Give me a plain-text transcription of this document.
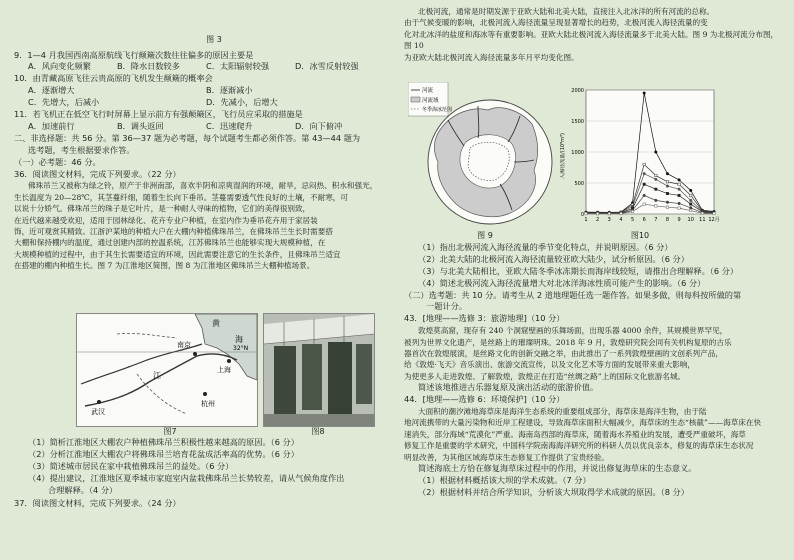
图 3

9．1—4 月我国西南高原航线飞行颠簸次数往往偏多的原因主要是

A．风向变化频繁	B．降水日数较多	C．太阳辐射较强	D．冰雪反射较强

10．由青藏高原飞往云贵高原的飞机发生颠簸的概率会

A．逐渐增大	B．逐渐减小
C．先增大，后减小	D．先减小，后增大

11．若飞机正在低空飞行时屏幕上显示前方有强颠簸区，飞行员应采取的措施是

A．加速前行	B．调头返回	C．迅速爬升	D．向下俯冲

二、非选择题：共 56 分。第 36—37 题为必考题，每个试题考生都必须作答。第 43—44 题为

选考题，考生根据要求作答。

（一）必考题：46 分。

36．阅读图文材料，完成下列要求。（22 分）

佛珠吊兰又被称为绿之铃，原产于非洲南部，喜欢半阴和凉爽湿润的环境，耐旱，忌闷热、积水和强光，

生长温度为 20—28℃，其茎蔓纤细，随着生长向下垂吊。茎蔓需要透气性良好的土壤，不耐寒，可

以说十分娇气。佛珠吊兰的珠子是它叶片，是一种耐人寻味的植物，它们的美得很别致，

在近代越来越受欢迎，适用于园林绿化、花卉专业户种植，在室内作为垂吊花卉用于家居装

饰，近可观赏其精致。江浙沪某地的种植大户在大棚内种植佛珠吊兰，在佛珠吊兰生长时需要搭

大棚和保持棚内的温度，通过创建内部的控温系统，江苏佛珠吊兰也能够实现大规模种植，在

大规模种植的过程中，由于其生长需要适宜的环境，因此需要注意它的生长条件，且佛珠吊兰适宜

在搭建的棚内种植生长。图 7 为江淮地区简图，图 8 为江淮地区佛珠吊兰大棚种植场景。

黄
海
南京
上海
武汉
杭州
江
32°N
图7	图8

（1）简析江淮地区大棚农户种植佛珠吊兰积极性越来越高的原因。（6 分）

（2）分析江淮地区大棚农户将佛珠吊兰培育花盆成活率高的优势。（6 分）

（3）简述城市居民在家中栽植佛珠吊兰的益处。（6 分）

（4）提出建议，江淮地区夏季城市家庭室内盆栽佛珠吊兰长势较差，请从气候角度作出

合理解释。（4 分）

37．阅读图文材料，完成下列要求。（24 分）

北极河流，通常是时期发源于亚欧大陆和北美大陆，直接注入北冰洋的所有河流的总称。

由于气候变暖的影响，北极河流入海径流量呈现显著增长的趋势，北极河流入海径流量的变

化对北冰洋的盐度和海冰等有重要影响。亚欧大陆北极河流入海径流量多于北美大陆。图 9 为北极河流分布图，图 10

为亚欧大陆北极河流入海径流量多年月平均变化图。

河流
河流域
冬季海冰范围
图 9
入海径流量/(10⁸m³)
1 2 3 4 5 6 7 8 9 10 11 12月
0
500
1000
1500
2000
图10

（1）指出北极河流入海径流量的季节变化特点，并说明原因。（6 分）

（2）北美大陆的北极河流入海径流量较亚欧大陆少，试分析原因。（6 分）

（3）与北美大陆相比，亚欧大陆冬季冰冻期长而海岸线较短，请推出合理解释。（6 分）

（4）简述北极河流入海径流量增大对北冰洋海冰性质可能产生的影响。（6 分）

（二）选考题：共 10 分。请考生从 2 道地理题任选一题作答。如果多做，则每科按所做的第

一题计分。

43．[地理——选修 3：旅游地理]（10 分）

敦煌莫高窟，现存有 240 个洞窟壁画的乐舞场面，出现乐器 4000 余件，其规模世界罕见，

被列为世界文化遗产，是丝路上的璀璨明珠。2018 年 9 月，敦煌研究院会同有关机构复原的古乐

器首次在敦煌展演，是丝路文化的创新交融之举，由此推出了一系列敦煌壁画的文创系列产品，

给《敦煌·飞天》音乐演出、旅游交流宣传，以及文化艺术等方面的发展带来重大影响，

为使更多人走进敦煌、了解敦煌，敦煌正在打造“丝绸之路”上的国际文化旅游名城。

简述该地推进古乐器复原及演出活动的旅游价值。

44．[地理——选修 6：环境保护]（10 分）

大面积的潮汐滩地海草床是海洋生态系统的重要组成部分，海草床是海洋生物，由于陆

地河流携带的大量污染物和近岸工程建设，导致海草床面积大幅减少，海草床的生态“核截”——海草床在快

速消失，部分海域“荒漠化”严重。海南岛西部的海草床，随着海水养殖业的发展，遭受严重破坏，海草

修复工作是重要的学术研究，中国科学院南海海洋研究所的科研人员以优良亲本，修复的海草床生态状况

明显改善，为其他区域海草床生态修复工作提供了宝贵经验。

简述海底土方恰在修复海草床过程中的作用，并说出修复海草床的生态意义。

（1）根据材料概括该大坝的学术成就。（7 分）

（2）根据材料并结合所学知识，分析该大坝取得学术成就的原因。（8 分）
